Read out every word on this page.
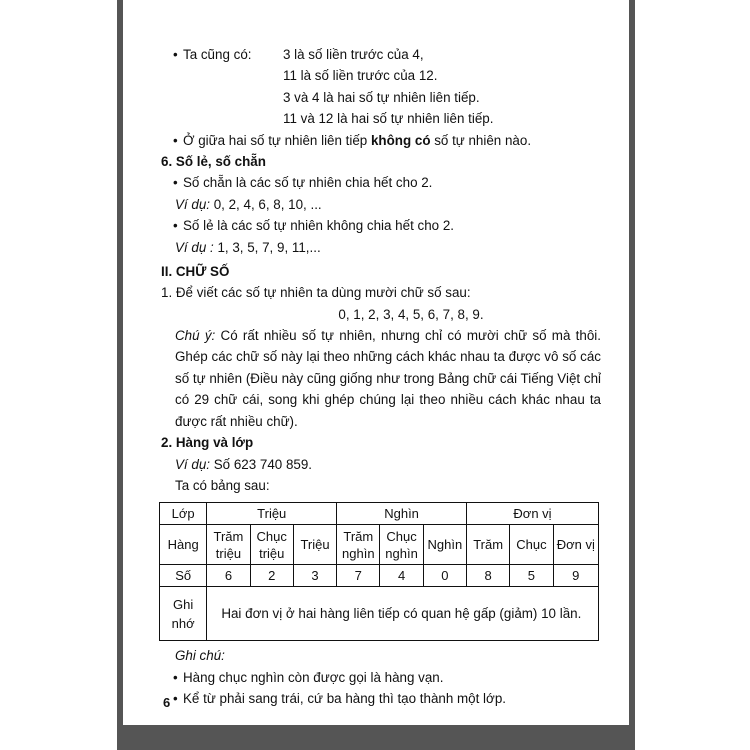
• Ta cũng có: 3 là số liền trước của 4,
11 là số liền trước của 12.
3 và 4 là hai số tự nhiên liên tiếp.
11 và 12 là hai số tự nhiên liên tiếp.
• Ở giữa hai số tự nhiên liên tiếp không có số tự nhiên nào.
6. Số lẻ, số chẵn
• Số chẵn là các số tự nhiên chia hết cho 2.
Ví dụ: 0, 2, 4, 6, 8, 10, ...
• Số lẻ là các số tự nhiên không chia hết cho 2.
Ví dụ : 1, 3, 5, 7, 9, 11,...
II. CHỮ SỐ
1. Để viết các số tự nhiên ta dùng mười chữ số sau:
0, 1, 2, 3, 4, 5, 6, 7, 8, 9.

Chú ý: Có rất nhiều số tự nhiên, nhưng chỉ có mười chữ số mà thôi. Ghép các chữ số này lại theo những cách khác nhau ta được vô số các số tự nhiên (Điều này cũng giống như trong Bảng chữ cái Tiếng Việt chỉ có 29 chữ cái, song khi ghép chúng lại theo nhiều cách khác nhau ta được rất nhiều chữ).

2. Hàng và lớp
Ví dụ: Số 623 740 859.
Ta có bảng sau:
Lớp	Triệu			Nghìn			Đơn vị		
Hàng	Trăm triệu	Chục triệu	Triệu	Trăm nghìn	Chục nghìn	Nghìn	Trăm	Chục	Đơn vị
Số	6	2	3	7	4	0	8	5	9
Ghi nhớ	Hai đơn vị ở hai hàng liên tiếp có quan hệ gấp (giảm) 10 lần.								
Ghi chú:
• Hàng chục nghìn còn được gọi là hàng vạn.
• Kể từ phải sang trái, cứ ba hàng thì tạo thành một lớp.
6
